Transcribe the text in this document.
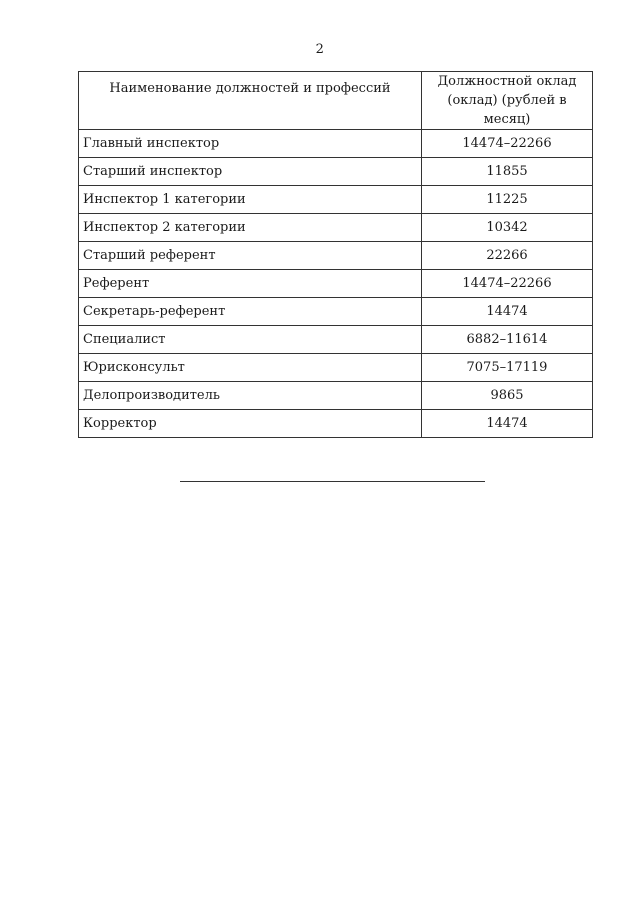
2
Наименование должностей и профессий	Должностной оклад
(оклад) (рублей в месяц)
Главный инспектор	14474–22266
Старший инспектор	11855
Инспектор 1 категории	11225
Инспектор 2 категории	10342
Старший референт	22266
Референт	14474–22266
Секретарь-референт	14474
Специалист	6882–11614
Юрисконсульт	7075–17119
Делопроизводитель	9865
Корректор	14474
